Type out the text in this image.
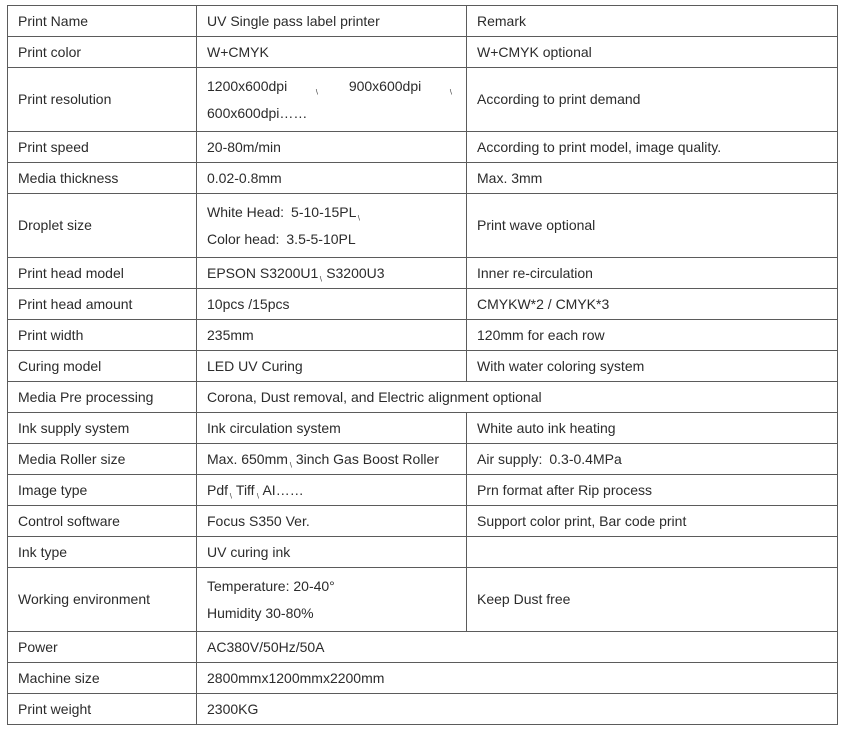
Print Name	UV Single pass label printer	Remark

Print color	W+CMYK	W+CMYK optional

Print resolution	1200x600dpi \ 900x600dpi \
600x600dpi……	According to print demand

Print speed	20-80m/min	According to print model, image quality.

Media thickness	0.02-0.8mm	Max. 3mm

Droplet size	White Head: 5-10-15PL \
Color head: 3.5-5-10PL	Print wave optional

Print head model	EPSON S3200U1 \ S3200U3	Inner re-circulation

Print head amount	10pcs /15pcs	CMYKW*2 / CMYK*3

Print width	235mm	120mm for each row

Curing model	LED UV Curing	With water coloring system

Media Pre processing	Corona, Dust removal, and Electric alignment optional	

Ink supply system	Ink circulation system	White auto ink heating

Media Roller size	Max. 650mm \ 3inch Gas Boost Roller	Air supply: 0.3-0.4MPa

Image type	Pdf \ Tiff \ AI……	Prn format after Rip process

Control software	Focus S350 Ver.	Support color print, Bar code print

Ink type	UV curing ink	

Working environment	Temperature: 20-40°
Humidity 30-80%	Keep Dust free

Power	AC380V/50Hz/50A	

Machine size	2800mmx1200mmx2200mm	

Print weight	2300KG	
